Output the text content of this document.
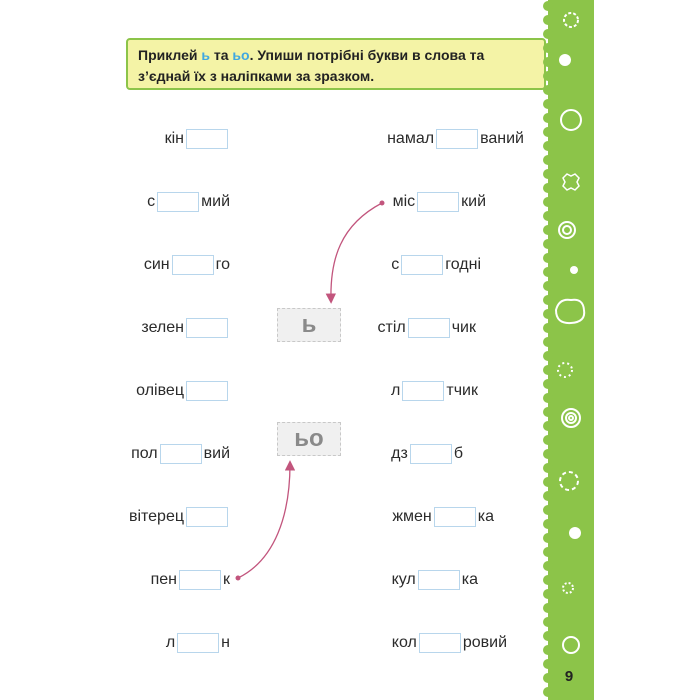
Приклей ь та ьо. Упиши потрібні букви в слова та з’єднай їх з наліпками за зразком.
кін
с	мий
син	го
зелен
олівец
пол	вий
вітерец
пен	к
л	н
намал	ваний
міс	кий
с	годні
стіл	чик
л	тчик
дз	б
жмен	ка
кул	ка
кол	ровий
ь
ьо
9
